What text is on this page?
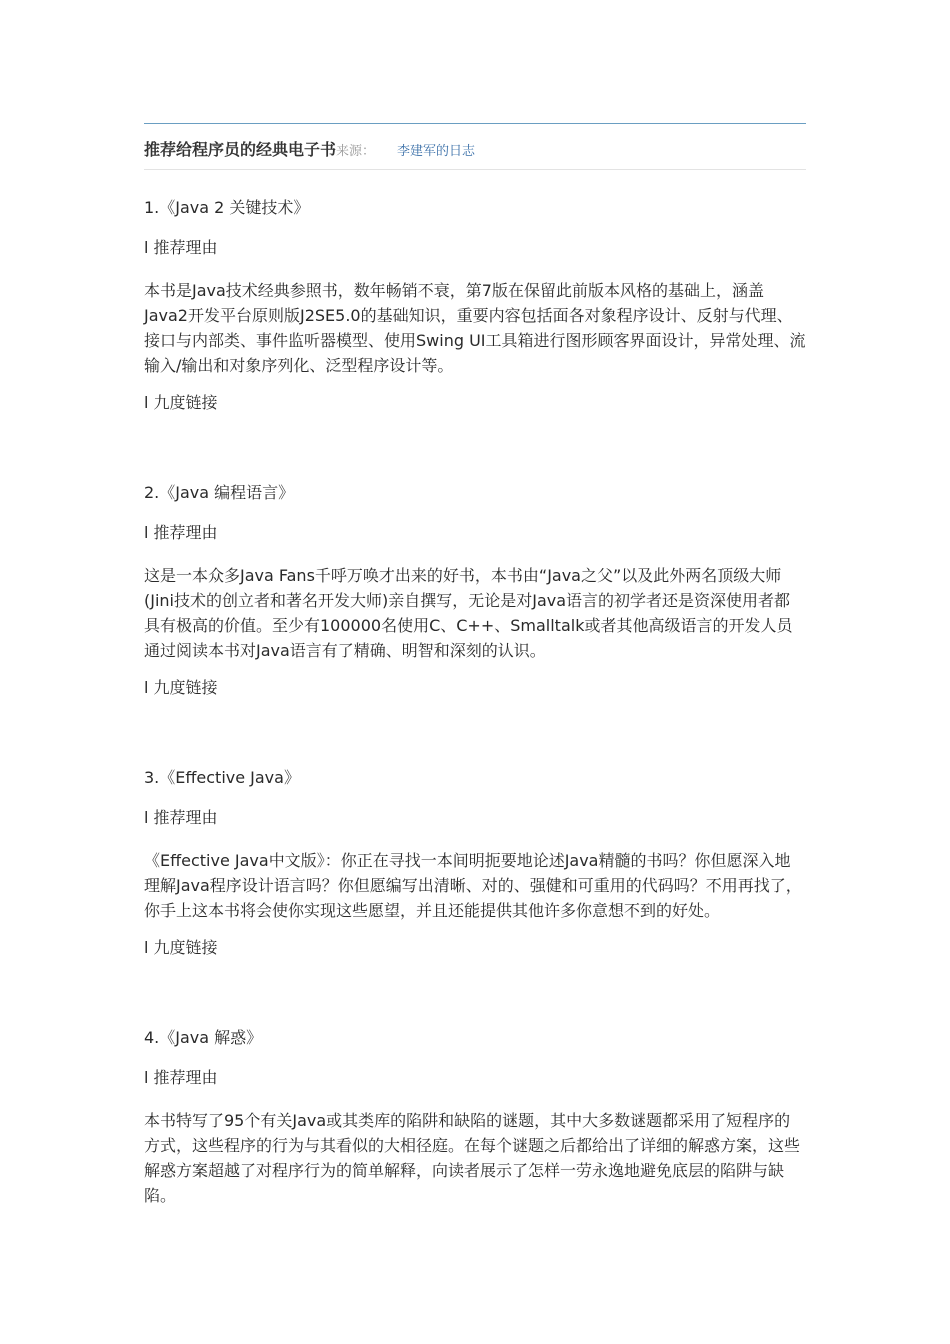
推荐给程序员的经典电子书 来源： 李建军的日志

1.《Java 2 关键技术》

l 推荐理由
本书是Java技术经典参照书，数年畅销不衰，第7版在保留此前版本风格的基础上，涵盖Java2开发平台原则版J2SE5.0的基础知识，重要内容包括面各对象程序设计、反射与代理、接口与内部类、事件监听器模型、使用Swing UI工具箱进行图形顾客界面设计，异常处理、流输入/输出和对象序列化、泛型程序设计等。
l 九度链接

2.《Java 编程语言》

l 推荐理由
这是一本众多Java Fans千呼万唤才出来的好书，本书由“Java之父”以及此外两名顶级大师(Jini技术的创立者和著名开发大师)亲自撰写，无论是对Java语言的初学者还是资深使用者都具有极高的价值。至少有100000名使用C、C++、Smalltalk或者其他高级语言的开发人员通过阅读本书对Java语言有了精确、明智和深刻的认识。
l 九度链接

3.《Effective Java》

l 推荐理由
《Effective Java中文版》：你正在寻找一本间明扼要地论述Java精髓的书吗？你但愿深入地理解Java程序设计语言吗？你但愿编写出清晰、对的、强健和可重用的代码吗？不用再找了，你手上这本书将会使你实现这些愿望，并且还能提供其他许多你意想不到的好处。
l 九度链接

4.《Java 解惑》

l 推荐理由
本书特写了95个有关Java或其类库的陷阱和缺陷的谜题，其中大多数谜题都采用了短程序的方式，这些程序的行为与其看似的大相径庭。在每个谜题之后都给出了详细的解惑方案，这些解惑方案超越了对程序行为的简单解释，向读者展示了怎样一劳永逸地避免底层的陷阱与缺陷。
